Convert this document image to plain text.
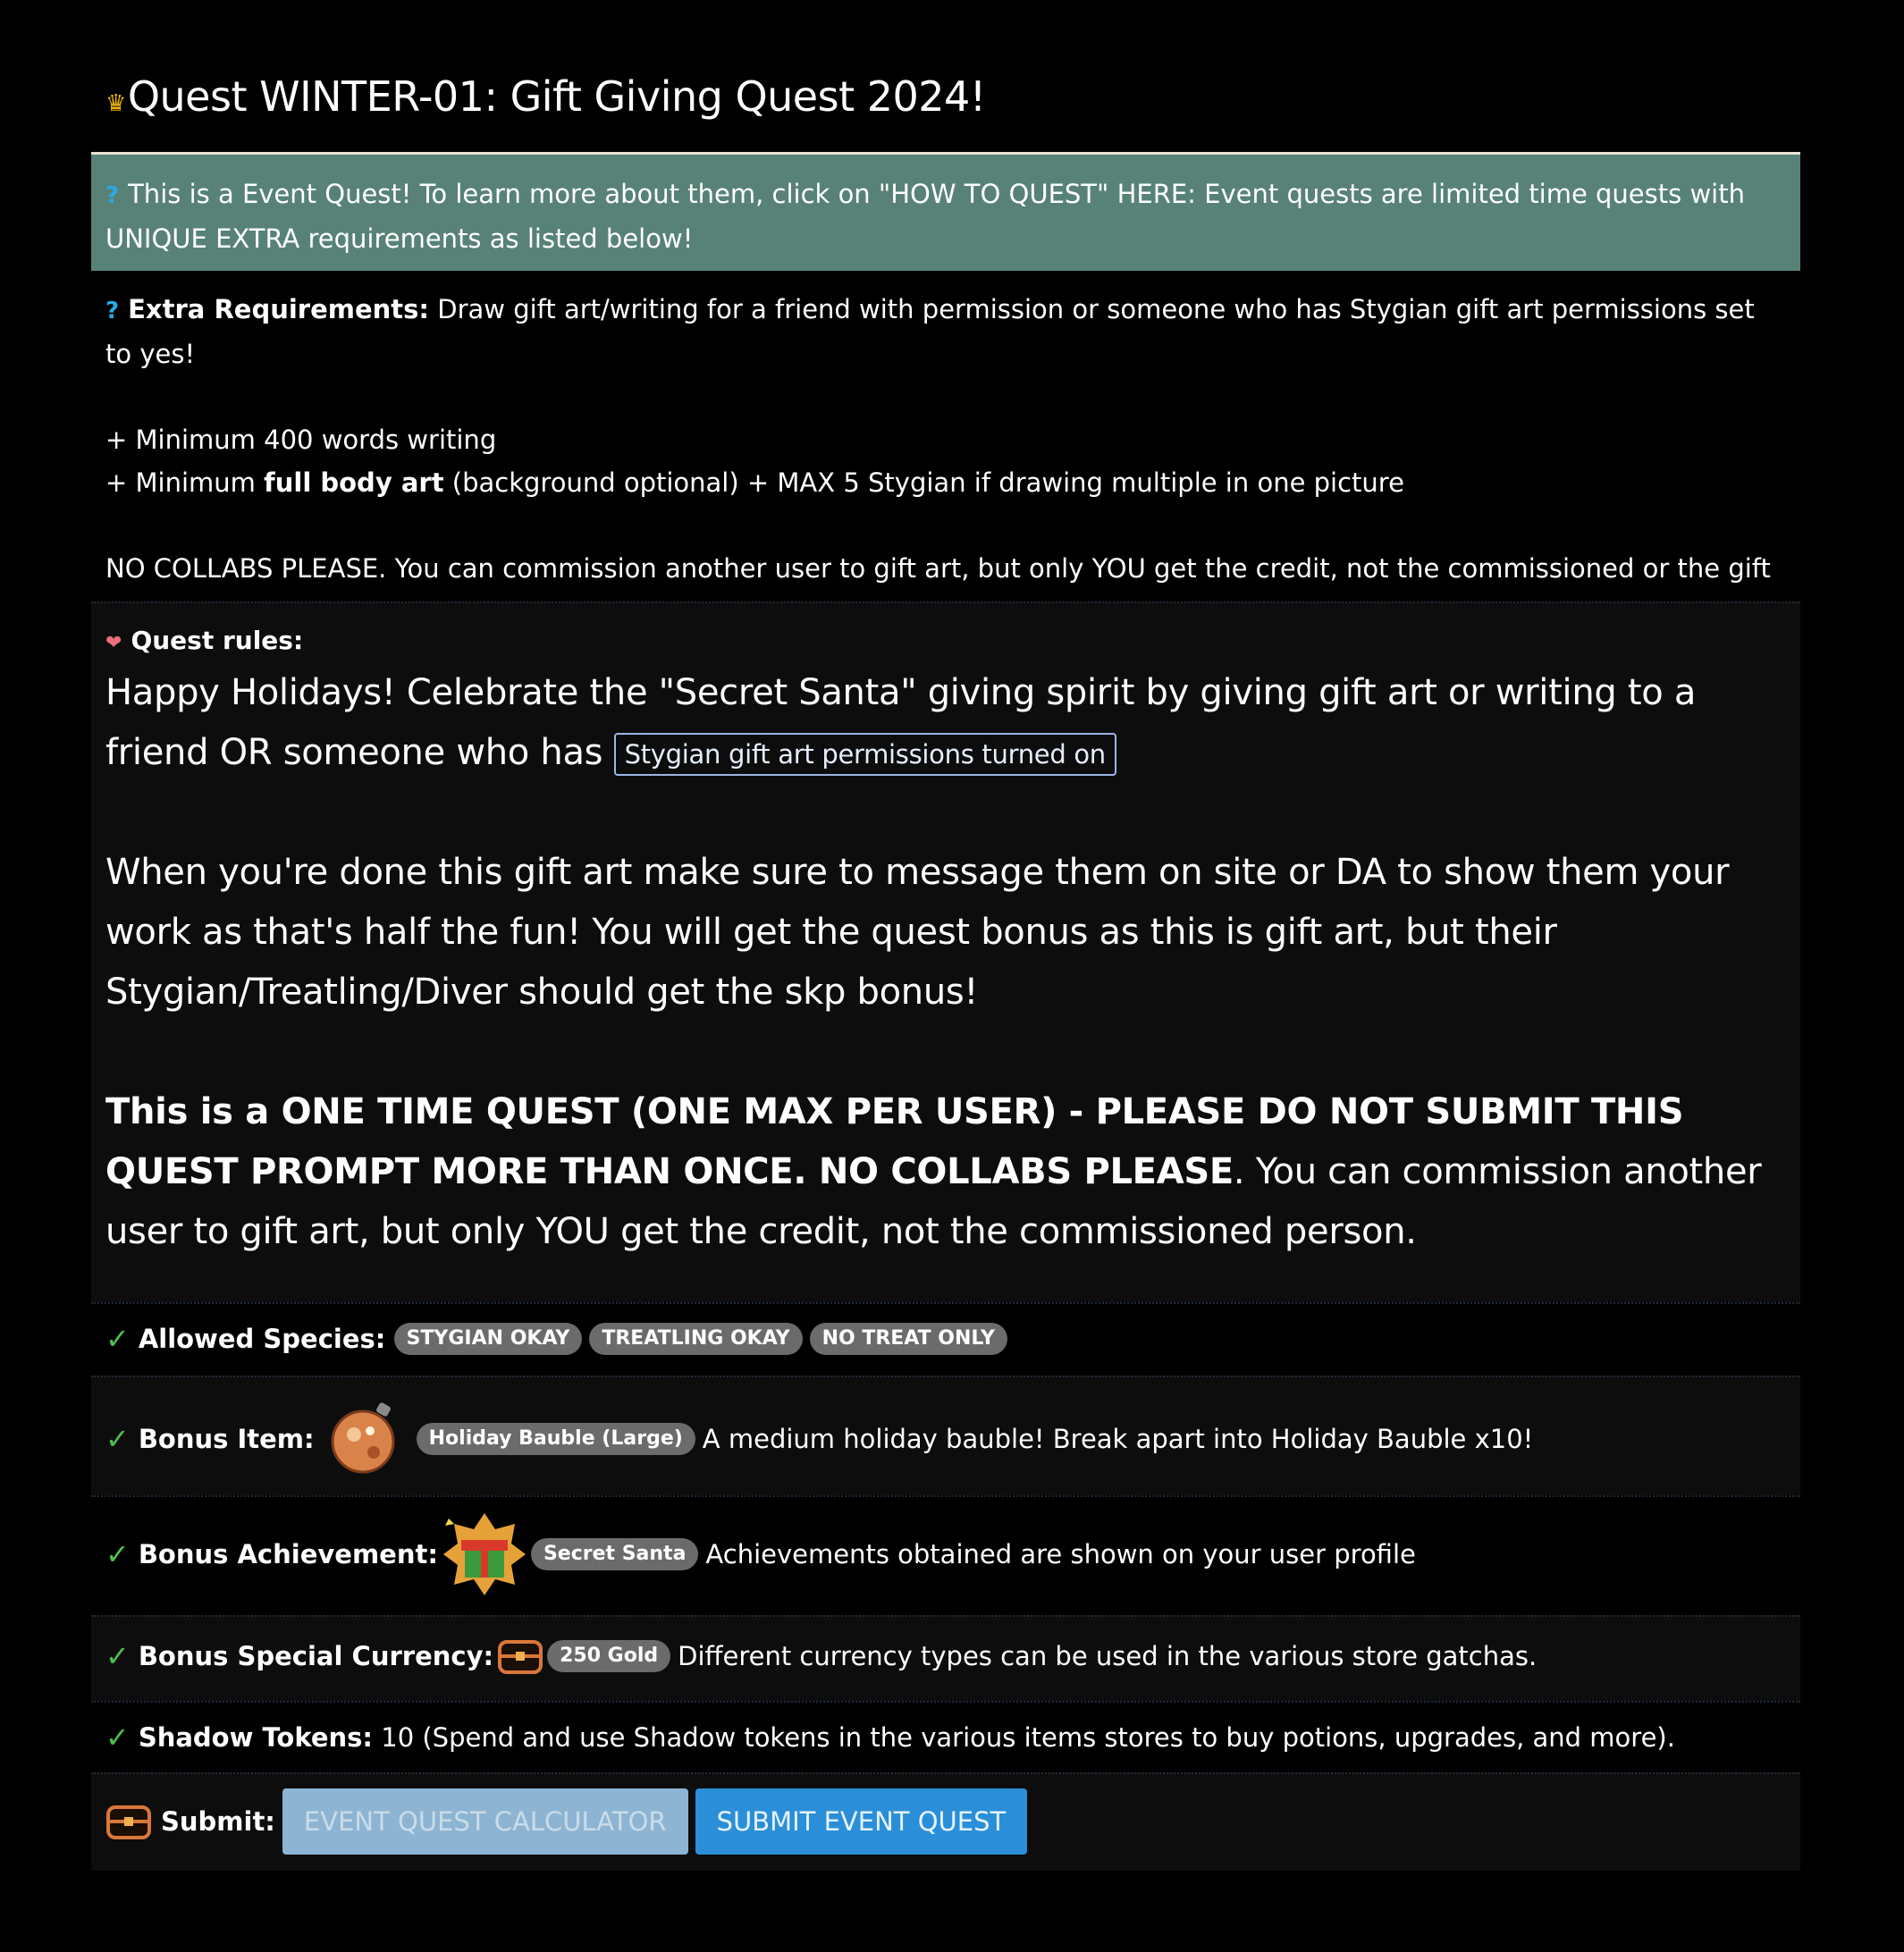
♛Quest WINTER-01: Gift Giving Quest 2024!
? This is a Event Quest! To learn more about them, click on "HOW TO QUEST" HERE: Event quests are limited time quests with UNIQUE EXTRA requirements as listed below!

? Extra Requirements: Draw gift art/writing for a friend with permission or someone who has Stygian gift art permissions set to yes!

+ Minimum 400 words writing

+ Minimum full body art (background optional) + MAX 5 Stygian if drawing multiple in one picture

NO COLLABS PLEASE. You can commission another user to gift art, but only YOU get the credit, not the commissioned or the gift

❤ Quest rules:

Happy Holidays! Celebrate the "Secret Santa" giving spirit by giving gift art or writing to a friend OR someone who has Stygian gift art permissions turned on

When you're done this gift art make sure to message them on site or DA to show them your work as that's half the fun! You will get the quest bonus as this is gift art, but their Stygian/Treatling/Diver should get the skp bonus!

This is a ONE TIME QUEST (ONE MAX PER USER) - PLEASE DO NOT SUBMIT THIS QUEST PROMPT MORE THAN ONCE. NO COLLABS PLEASE. You can commission another user to gift art, but only YOU get the credit, not the commissioned person.

✓ Allowed Species:
	STYGIAN OKAY	TREATLING OKAY	NO TREAT ONLY
✓ Bonus Item:	Holiday Bauble (Large) A medium holiday bauble! Break apart into Holiday Bauble x10!
✓ Bonus Achievement:	Secret Santa Achievements obtained are shown on your user profile
✓ Bonus Special Currency:	250 Gold Different currency types can be used in the various store gatchas.
✓ Shadow Tokens:
10 (Spend and use Shadow tokens in the various items stores to buy potions, upgrades, and more).
Submit:	EVENT QUEST CALCULATOR	SUBMIT EVENT QUEST
